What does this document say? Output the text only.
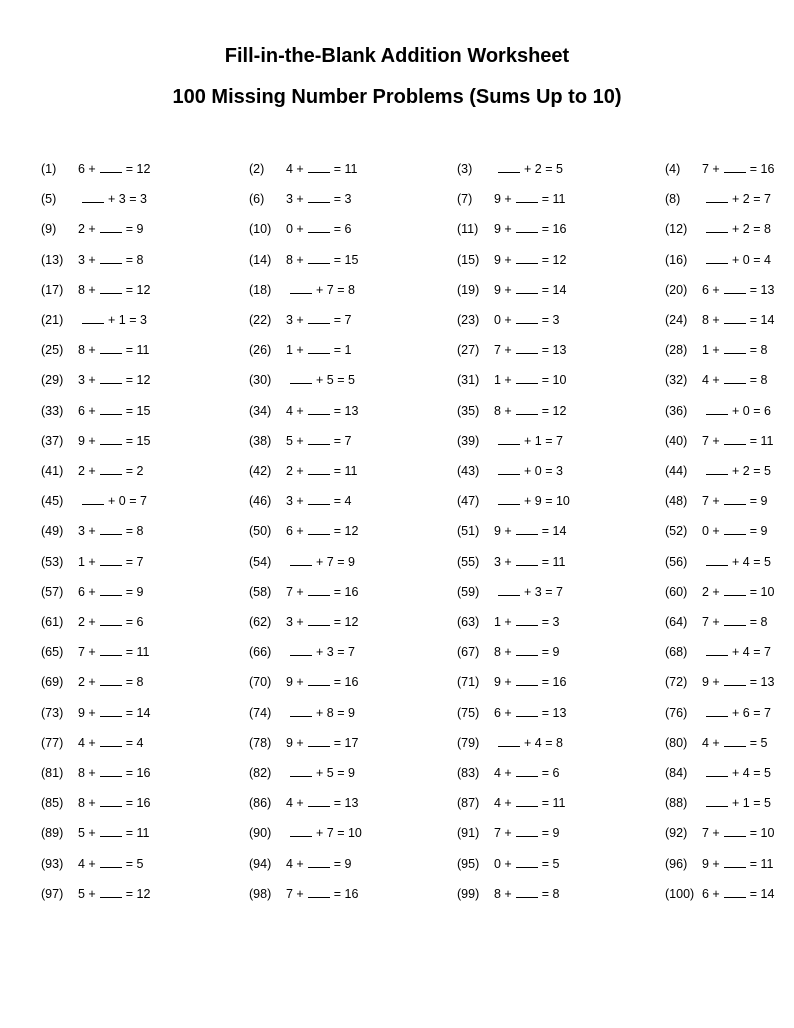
Fill-in-the-Blank Addition Worksheet
100 Missing Number Problems (Sums Up to 10)
(1) 6 + = 12	(2) 4 + = 11	(3)	+ 2 = 5	(4) 7 + = 16
(5)	+ 3 = 3	(6) 3 + = 3	(7) 9 + = 11	(8)	+ 2 = 7
(9) 2 + = 9	(10) 0 + = 6	(11) 9 + = 16	(12)	+ 2 = 8
(13) 3 + = 8	(14) 8 + = 15	(15) 9 + = 12	(16)	+ 0 = 4
(17) 8 + = 12	(18)	+ 7 = 8	(19) 9 + = 14	(20) 6 + = 13
(21)	+ 1 = 3	(22) 3 + = 7	(23) 0 + = 3	(24) 8 + = 14
(25) 8 + = 11	(26) 1 + = 1	(27) 7 + = 13	(28) 1 + = 8
(29) 3 + = 12	(30)	+ 5 = 5	(31) 1 + = 10	(32) 4 + = 8
(33) 6 + = 15	(34) 4 + = 13	(35) 8 + = 12	(36)	+ 0 = 6
(37) 9 + = 15	(38) 5 + = 7	(39)	+ 1 = 7	(40) 7 + = 11
(41) 2 + = 2	(42) 2 + = 11	(43)	+ 0 = 3	(44)	+ 2 = 5
(45)	+ 0 = 7	(46) 3 + = 4	(47)	+ 9 = 10	(48) 7 + = 9
(49) 3 + = 8	(50) 6 + = 12	(51) 9 + = 14	(52) 0 + = 9
(53) 1 + = 7	(54)	+ 7 = 9	(55) 3 + = 11	(56)	+ 4 = 5
(57) 6 + = 9	(58) 7 + = 16	(59)	+ 3 = 7	(60) 2 + = 10
(61) 2 + = 6	(62) 3 + = 12	(63) 1 + = 3	(64) 7 + = 8
(65) 7 + = 11	(66)	+ 3 = 7	(67) 8 + = 9	(68)	+ 4 = 7
(69) 2 + = 8	(70) 9 + = 16	(71) 9 + = 16	(72) 9 + = 13
(73) 9 + = 14	(74)	+ 8 = 9	(75) 6 + = 13	(76)	+ 6 = 7
(77) 4 + = 4	(78) 9 + = 17	(79)	+ 4 = 8	(80) 4 + = 5
(81) 8 + = 16	(82)	+ 5 = 9	(83) 4 + = 6	(84)	+ 4 = 5
(85) 8 + = 16	(86) 4 + = 13	(87) 4 + = 11	(88)	+ 1 = 5
(89) 5 + = 11	(90)	+ 7 = 10	(91) 7 + = 9	(92) 7 + = 10
(93) 4 + = 5	(94) 4 + = 9	(95) 0 + = 5	(96) 9 + = 11
(97) 5 + = 12	(98) 7 + = 16	(99) 8 + = 8	(100) 6 + = 14
